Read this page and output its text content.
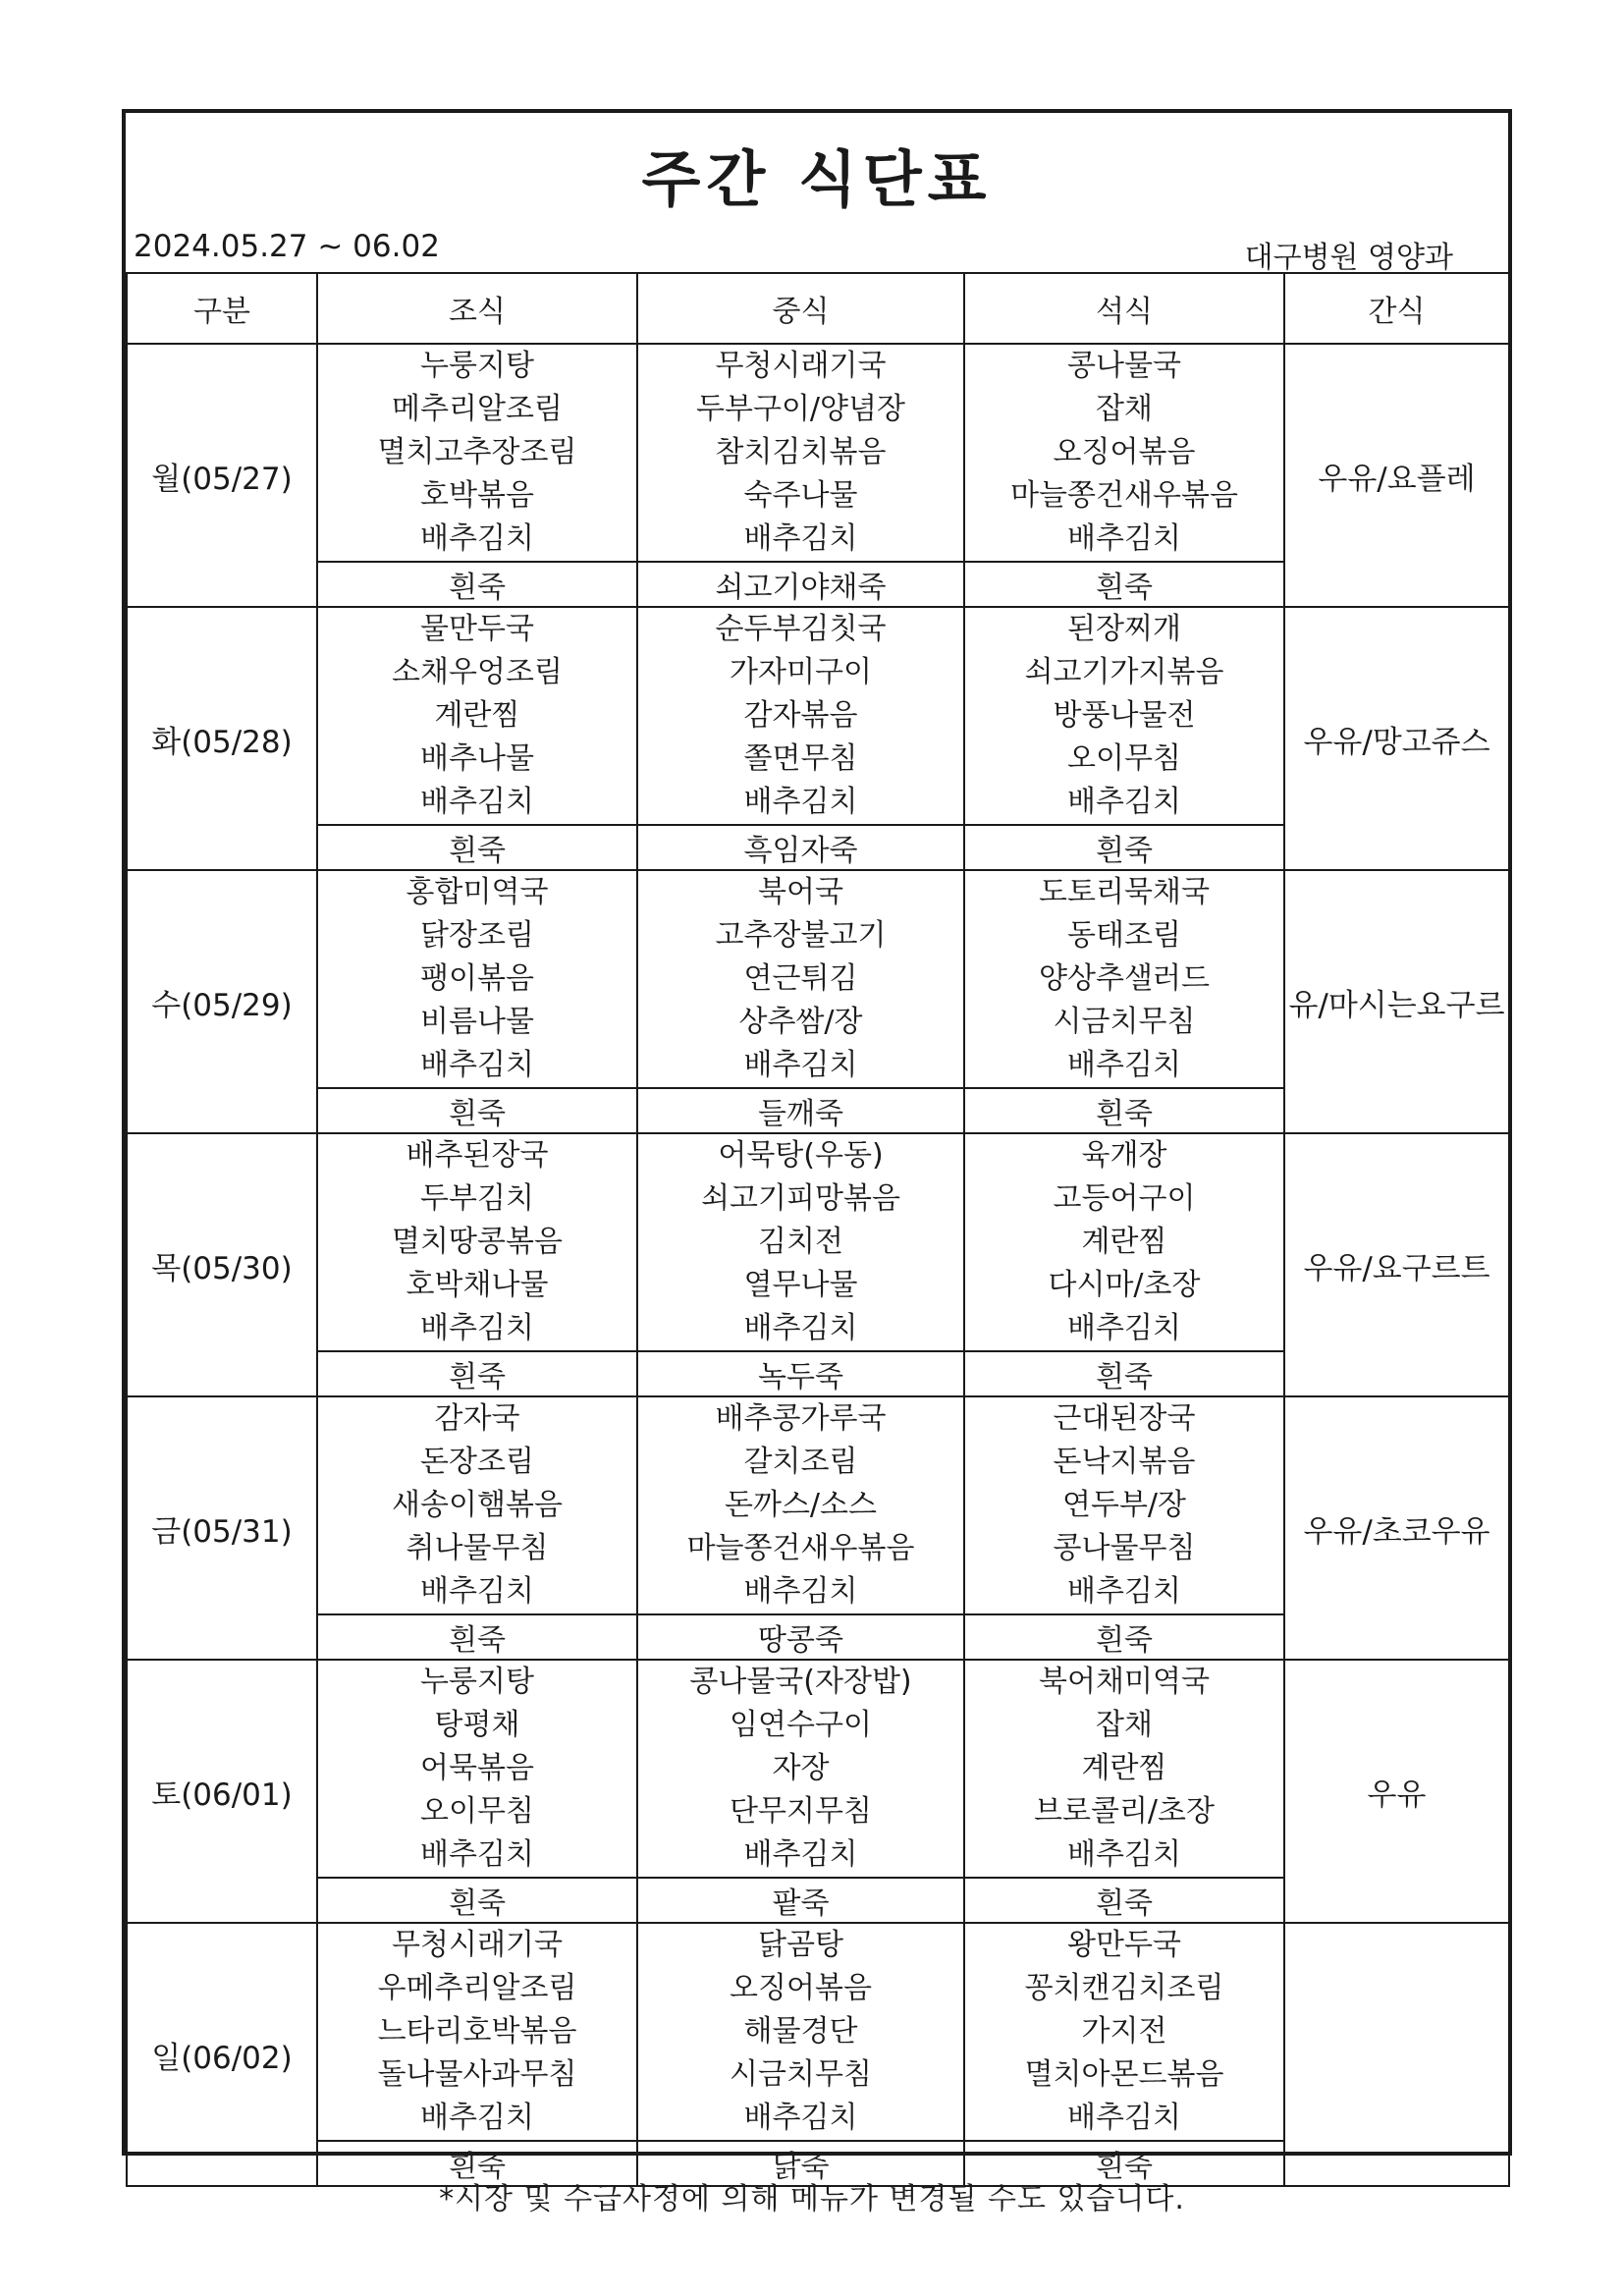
주간 식단표
2024.05.27 ~ 06.02	대구병원 영양과
구분	조식	중식	석식	간식
월(05/27)	누룽지탕
메추리알조림
멸치고추장조림
호박볶음
배추김치	무청시래기국
두부구이/양념장
참치김치볶음
숙주나물
배추김치	콩나물국
잡채
오징어볶음
마늘쫑건새우볶음
배추김치	우유/요플레
	흰죽	쇠고기야채죽	흰죽	
화(05/28)	물만두국
소채우엉조림
계란찜
배추나물
배추김치	순두부김칫국
가자미구이
감자볶음
쫄면무침
배추김치	된장찌개
쇠고기가지볶음
방풍나물전
오이무침
배추김치	우유/망고쥬스
	흰죽	흑임자죽	흰죽	
수(05/29)	홍합미역국
닭장조림
팽이볶음
비름나물
배추김치	북어국
고추장불고기
연근튀김
상추쌈/장
배추김치	도토리묵채국
동태조림
양상추샐러드
시금치무침
배추김치	유/마시는요구르
	흰죽	들깨죽	흰죽	
목(05/30)	배추된장국
두부김치
멸치땅콩볶음
호박채나물
배추김치	어묵탕(우동)
쇠고기피망볶음
김치전
열무나물
배추김치	육개장
고등어구이
계란찜
다시마/초장
배추김치	우유/요구르트
	흰죽	녹두죽	흰죽	
금(05/31)	감자국
돈장조림
새송이햄볶음
취나물무침
배추김치	배추콩가루국
갈치조림
돈까스/소스
마늘쫑건새우볶음
배추김치	근대된장국
돈낙지볶음
연두부/장
콩나물무침
배추김치	우유/초코우유
	흰죽	땅콩죽	흰죽	
토(06/01)	누룽지탕
탕평채
어묵볶음
오이무침
배추김치	콩나물국(자장밥)
임연수구이
자장
단무지무침
배추김치	북어채미역국
잡채
계란찜
브로콜리/초장
배추김치	우유
	흰죽	팥죽	흰죽	
일(06/02)	무청시래기국
우메추리알조림
느타리호박볶음
돌나물사과무침
배추김치	닭곰탕
오징어볶음
해물경단
시금치무침
배추김치	왕만두국
꽁치캔김치조림
가지전
멸치아몬드볶음
배추김치	

	흰죽	닭죽	흰죽	
*시장 및 수급사정에 의해 메뉴가 변경될 수도 있습니다.
